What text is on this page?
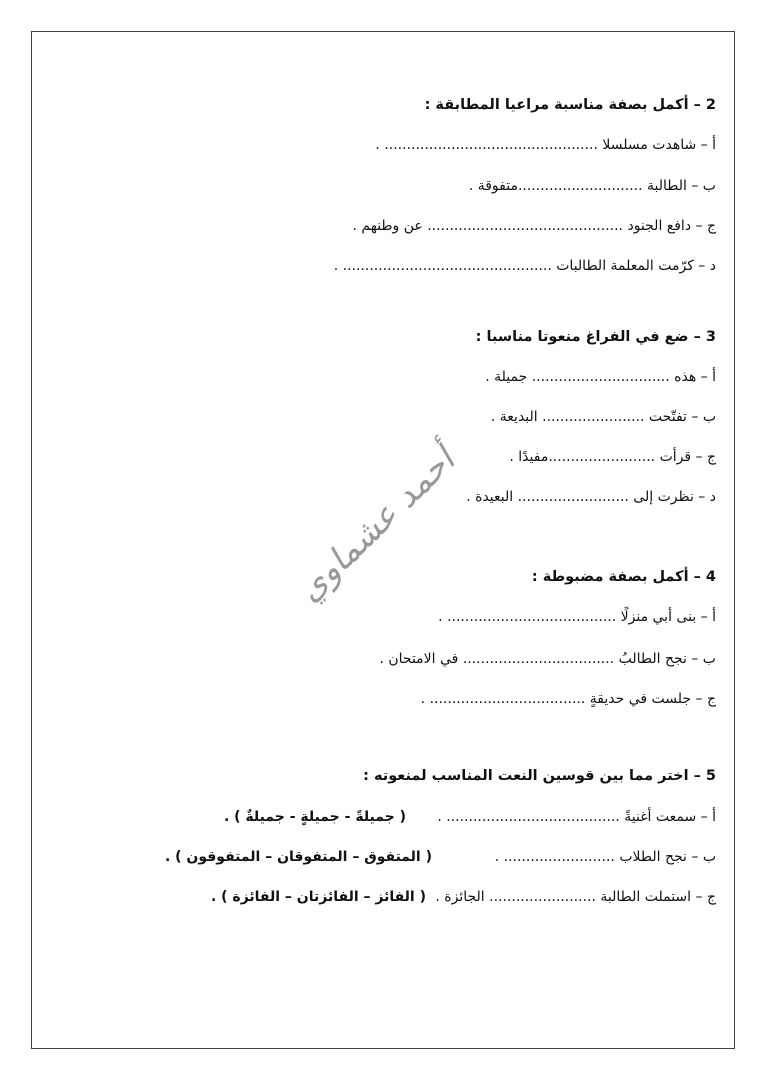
2 – أكمل بصفة مناسبة مراعيا المطابقة :
أ – شاهدت مسلسلا ................................................ .
ب – الطالبة ............................متفوقة .
ج – دافع الجنود ............................................ عن وطنهم .
د – كرّمت المعلمة الطالبات ............................................... .
3 – ضع في الفراغ منعوتا مناسبا :
أ – هذه ............................... جميلة .
ب – تفتّحت ....................... البديعة .
ج – قرأت ........................مفيدًا .
د – نظرت إلى ......................... البعيدة .
أحمد عشماوي	4 – أكمل بصفة مضبوطة :
أ – بنى أبي منزلًا ...................................... .
ب – نجح الطالبُ .................................. في الامتحان .
ج – جلست في حديقةٍ ................................... .
5 – اختر مما بين قوسين النعت المناسب لمنعوته :
أ – سمعت أغنيةً ....................................... .
( جميلةً - جميلةٍ - جميلةٌ ) .
ب – نجح الطلاب ......................... .
( المتفوق – المتفوقان – المتفوقون ) .
ج – استملت الطالبة ........................ الجائزة .
( الفائز – الفائزتان – الفائزة ) .
